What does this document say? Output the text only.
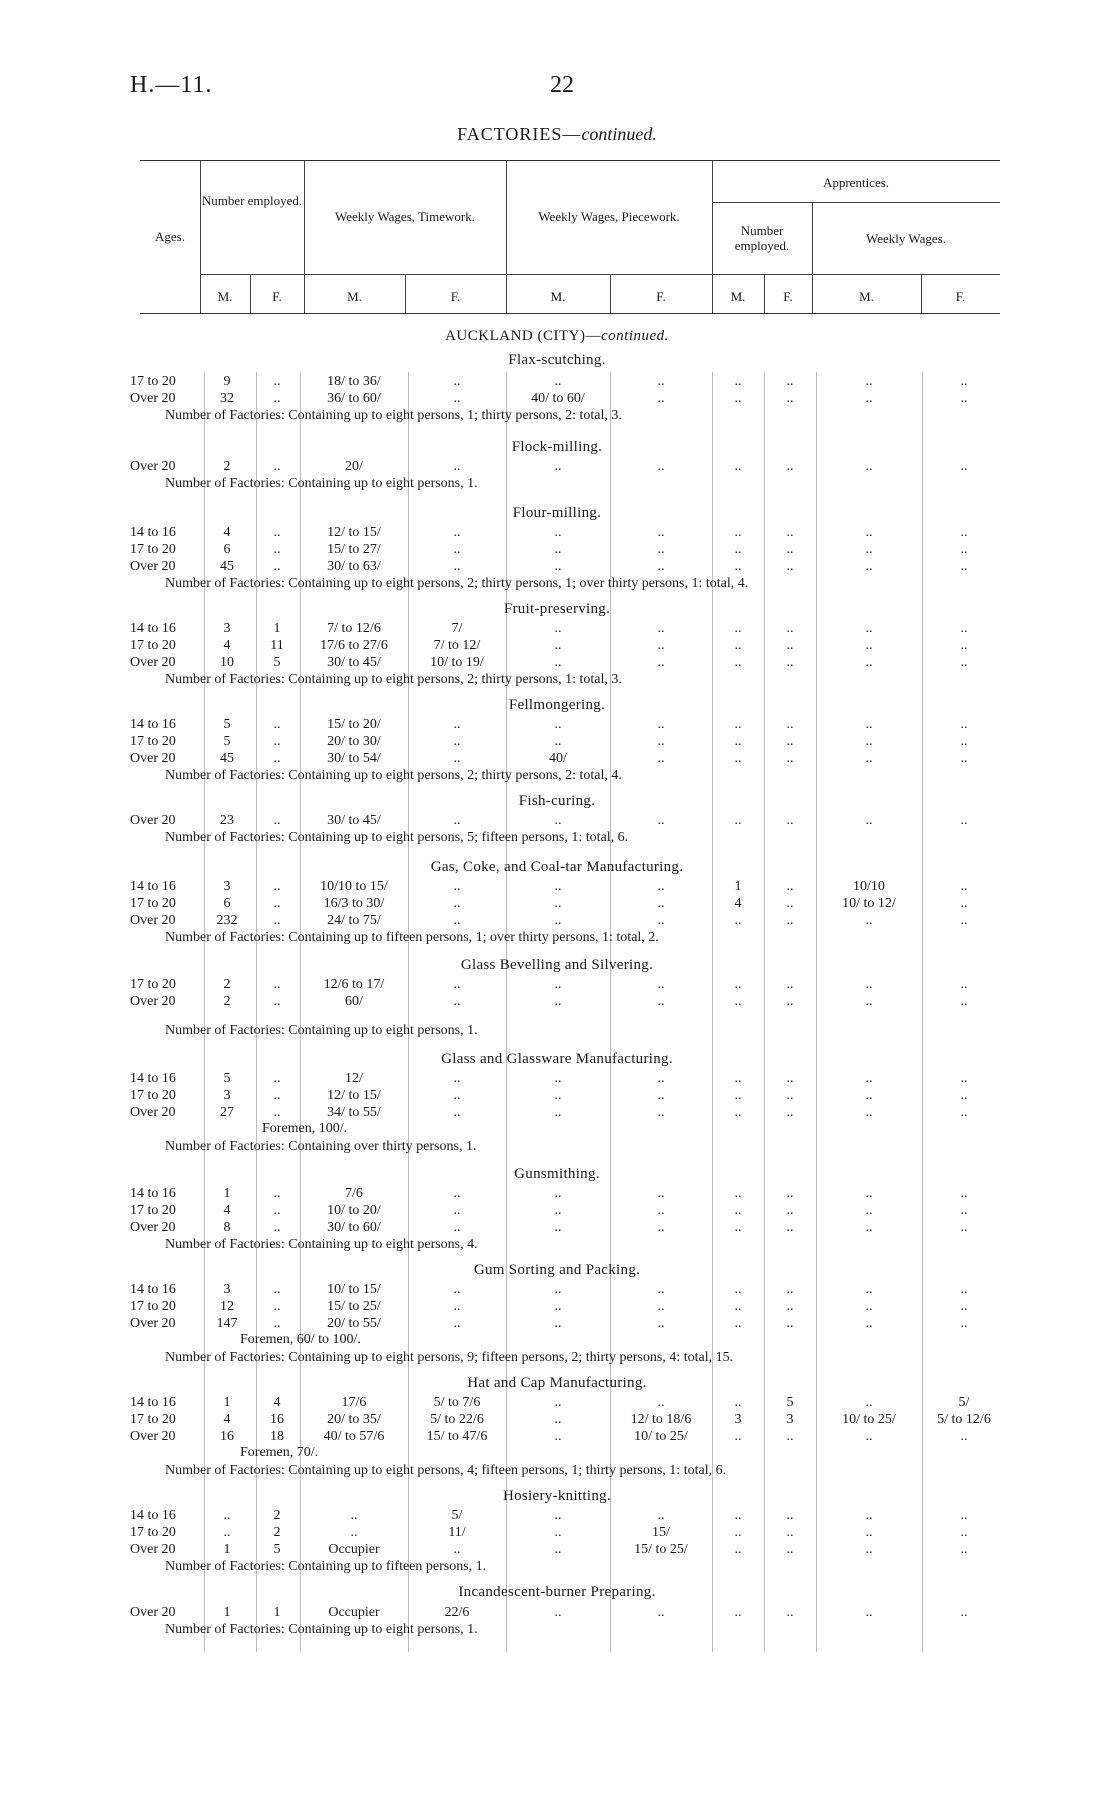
H.—11.	22
FACTORIES—continued.
Ages.
Number employed.
Weekly Wages, Timework.	Weekly Wages, Piecework.
Apprentices.
Number employed.	Weekly Wages.
M.	F.	M.	F.	M.	F.	M.	F.	M.	F.
AUCKLAND (CITY)—continued.
Flax-scutching.
17 to 20	9	..	18/ to 36/	..	..	..	..	..	..	..
Over 20	32	..	36/ to 60/	..	40/ to 60/	..	..	..	..	..
Number of Factories: Containing up to eight persons, 1; thirty persons, 2: total, 3.
Flock-milling.
Over 20	2	..	20/	..	..	..	..	..	..	..
Number of Factories: Containing up to eight persons, 1.
Flour-milling.
14 to 16	4	..	12/ to 15/	..	..	..	..	..	..	..
17 to 20	6	..	15/ to 27/	..	..	..	..	..	..	..
Over 20	45	..	30/ to 63/	..	..	..	..	..	..	..
Number of Factories: Containing up to eight persons, 2; thirty persons, 1; over thirty persons, 1: total, 4.
Fruit-preserving.
14 to 16	3	1	7/ to 12/6	7/	..	..	..	..	..	..
17 to 20	4	11	17/6 to 27/6	7/ to 12/	..	..	..	..	..	..
Over 20	10	5	30/ to 45/	10/ to 19/	..	..	..	..	..	..
Number of Factories: Containing up to eight persons, 2; thirty persons, 1: total, 3.
Fellmongering.
14 to 16	5	..	15/ to 20/	..	..	..	..	..	..	..
17 to 20	5	..	20/ to 30/	..	..	..	..	..	..	..
Over 20	45	..	30/ to 54/	..	40/	..	..	..	..	..
Number of Factories: Containing up to eight persons, 2; thirty persons, 2: total, 4.
Fish-curing.
Over 20	23	..	30/ to 45/	..	..	..	..	..	..	..
Number of Factories: Containing up to eight persons, 5; fifteen persons, 1: total, 6.
Gas, Coke, and Coal-tar Manufacturing.
14 to 16	3	..	10/10 to 15/	..	..	..	1	..	10/10	..
17 to 20	6	..	16/3 to 30/	..	..	..	4	..	10/ to 12/	..
Over 20	232	..	24/ to 75/	..	..	..	..	..	..	..
Number of Factories: Containing up to fifteen persons, 1; over thirty persons, 1: total, 2.
Glass Bevelling and Silvering.
17 to 20	2	..	12/6 to 17/	..	..	..	..	..	..	..
Over 20	2	..	60/	..	..	..	..	..	..	..
Number of Factories: Containing up to eight persons, 1.
Glass and Glassware Manufacturing.
14 to 16	5	..	12/	..	..	..	..	..	..	..
17 to 20	3	..	12/ to 15/	..	..	..	..	..	..	..
Over 20	27	..	34/ to 55/	..	..	..	..	..	..	..
Foremen, 100/.
Number of Factories: Containing over thirty persons, 1.
Gunsmithing.
14 to 16	1	..	7/6	..	..	..	..	..	..	..
17 to 20	4	..	10/ to 20/	..	..	..	..	..	..	..
Over 20	8	..	30/ to 60/	..	..	..	..	..	..	..
Number of Factories: Containing up to eight persons, 4.
Gum Sorting and Packing.
14 to 16	3	..	10/ to 15/	..	..	..	..	..	..	..
17 to 20	12	..	15/ to 25/	..	..	..	..	..	..	..
Over 20	147	..	20/ to 55/	..	..	..	..	..	..	..
Foremen, 60/ to 100/.
Number of Factories: Containing up to eight persons, 9; fifteen persons, 2; thirty persons, 4: total, 15.
Hat and Cap Manufacturing.
14 to 16	1	4	17/6	5/ to 7/6	..	..	..	5	..	5/
17 to 20	4	16	20/ to 35/	5/ to 22/6	..	12/ to 18/6	3	3	10/ to 25/	5/ to 12/6
Over 20	16	18	40/ to 57/6	15/ to 47/6	..	10/ to 25/	..	..	..	..
Foremen, 70/.
Number of Factories: Containing up to eight persons, 4; fifteen persons, 1; thirty persons, 1: total, 6.
Hosiery-knitting.
14 to 16	..	2	..	5/	..	..	..	..	..	..
17 to 20	..	2	..	11/	..	15/	..	..	..	..
Over 20	1	5	Occupier	..	..	15/ to 25/	..	..	..	..
Number of Factories: Containing up to fifteen persons, 1.
Incandescent-burner Preparing.
Over 20	1	1	Occupier	22/6	..	..	..	..	..	..
Number of Factories: Containing up to eight persons, 1.
